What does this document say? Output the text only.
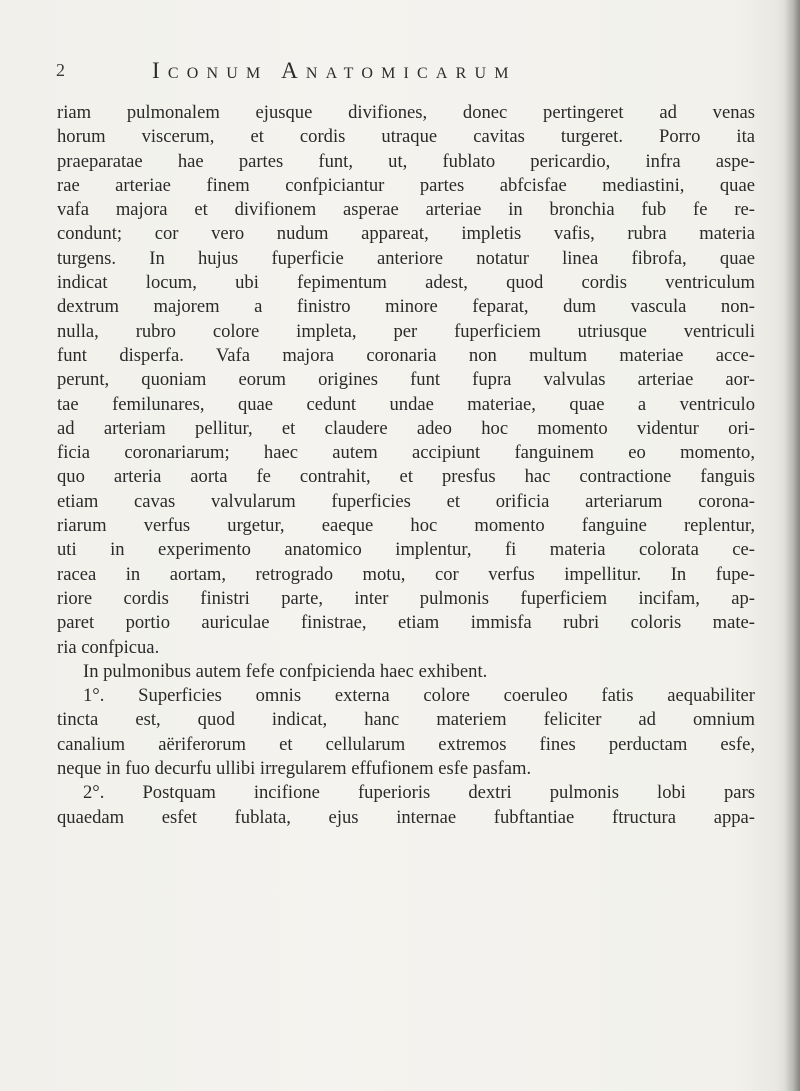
2	Iconum Anatomicarum
riam pulmonalem ejusque divifiones, donec pertingeret ad venas
horum viscerum, et cordis utraque cavitas turgeret. Porro ita
praeparatae hae partes funt, ut, fublato pericardio, infra aspe-
rae arteriae finem confpiciantur partes abfcisfae mediastini, quae
vafa majora et divifionem asperae arteriae in bronchia fub fe re-
condunt; cor vero nudum appareat, impletis vafis, rubra materia
turgens. In hujus fuperficie anteriore notatur linea fibrofa, quae
indicat locum, ubi fepimentum adest, quod cordis ventriculum
dextrum majorem a finistro minore feparat, dum vascula non-
nulla, rubro colore impleta, per fuperficiem utriusque ventriculi
funt disperfa. Vafa majora coronaria non multum materiae acce-
perunt, quoniam eorum origines funt fupra valvulas arteriae aor-
tae femilunares, quae cedunt undae materiae, quae a ventriculo
ad arteriam pellitur, et claudere adeo hoc momento videntur ori-
ficia coronariarum; haec autem accipiunt fanguinem eo momento,
quo arteria aorta fe contrahit, et presfus hac contractione fanguis
etiam cavas valvularum fuperficies et orificia arteriarum corona-
riarum verfus urgetur, eaeque hoc momento fanguine replentur,
uti in experimento anatomico implentur, fi materia colorata ce-
racea in aortam, retrogrado motu, cor verfus impellitur. In fupe-
riore cordis finistri parte, inter pulmonis fuperficiem incifam, ap-
paret portio auriculae finistrae, etiam immisfa rubri coloris mate-
ria confpicua.
In pulmonibus autem fefe confpicienda haec exhibent.
1°. Superficies omnis externa colore coeruleo fatis aequabiliter
tincta est, quod indicat, hanc materiem feliciter ad omnium
canalium aëriferorum et cellularum extremos fines perductam esfe,
neque in fuo decurfu ullibi irregularem effufionem esfe pasfam.
2°. Postquam incifione fuperioris dextri pulmonis lobi pars
quaedam esfet fublata, ejus internae fubftantiae ftructura appa-
